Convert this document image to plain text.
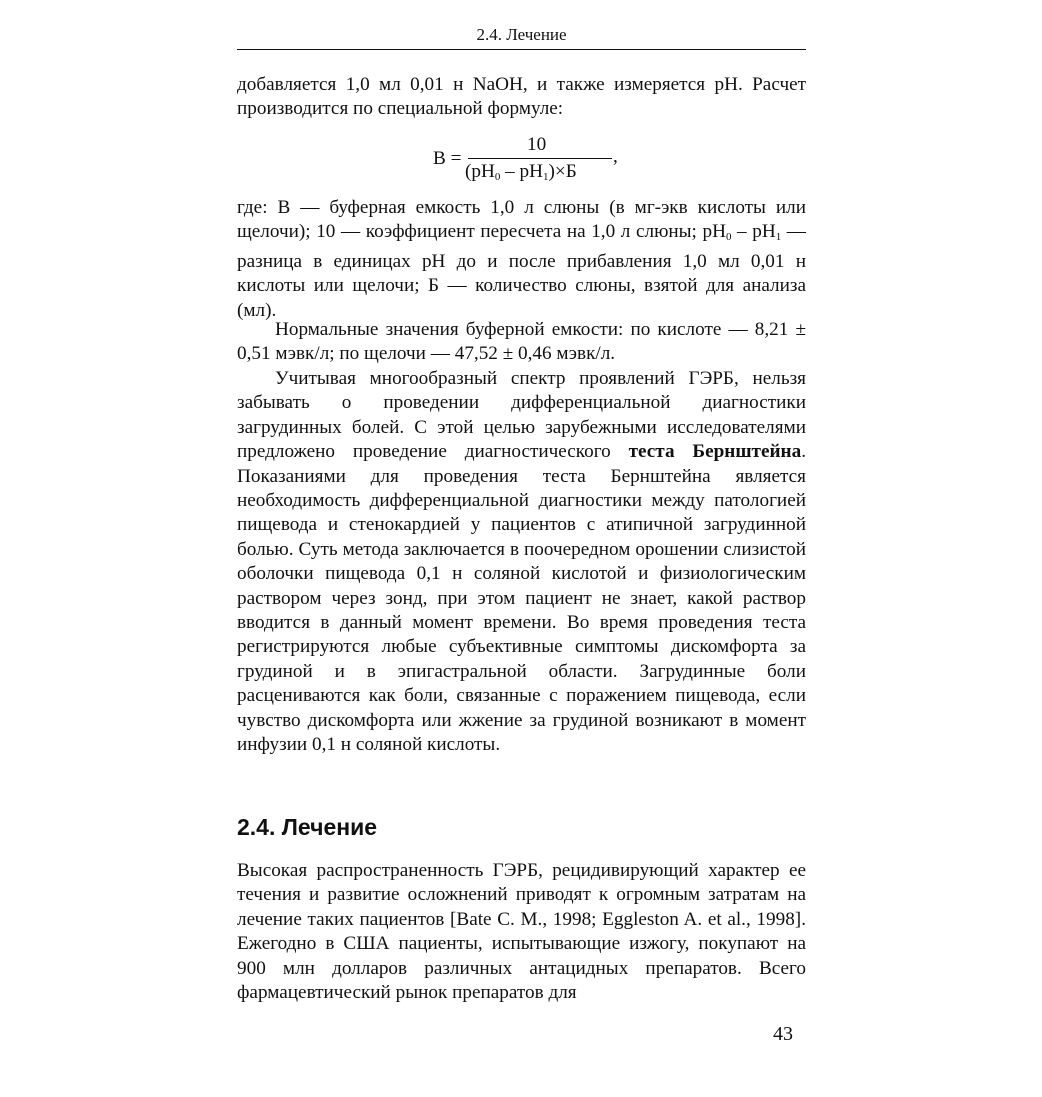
2.4. Лечение

добавляется 1,0 мл 0,01 н NaOH, и также измеряется pH. Расчет производится по специальной формуле:

B =
10
$(pH_0 - pH_1)\times Б$
,

где: В — буферная емкость 1,0 л слюны (в мг-экв кислоты или щелочи); 10 — коэффициент пересчета на 1,0 л слюны; $pH_0 - pH_1$ — разница в единицах pH до и после прибавления 1,0 мл 0,01 н кислоты или щелочи; Б — количество слюны, взятой для анализа (мл).

Нормальные значения буферной емкости: по кислоте — 8,21 ± 0,51 мэвк/л; по щелочи — 47,52 ± 0,46 мэвк/л.

Учитывая многообразный спектр проявлений ГЭРБ, нельзя забывать о проведении дифференциальной диагностики загрудинных болей. С этой целью зарубежными исследователями предложено проведение диагностического теста Бернштейна. Показаниями для проведения теста Бернштейна является необходимость дифференциальной диагностики между патологией пищевода и стенокардией у пациентов с атипичной загрудинной болью. Суть метода заключается в поочередном орошении слизистой оболочки пищевода 0,1 н соляной кислотой и физиологическим раствором через зонд, при этом пациент не знает, какой раствор вводится в данный момент времени. Во время проведения теста регистрируются любые субъективные симптомы дискомфорта за грудиной и в эпигастральной области. Загрудинные боли расцениваются как боли, связанные с поражением пищевода, если чувство дискомфорта или жжение за грудиной возникают в момент инфузии 0,1 н соляной кислоты.

2.4. Лечение

Высокая распространенность ГЭРБ, рецидивирующий характер ее течения и развитие осложнений приводят к огромным затратам на лечение таких пациентов [Bate C. M., 1998; Eggleston A. et al., 1998]. Ежегодно в США пациенты, испытывающие изжогу, покупают на 900 млн долларов различных антацидных препаратов. Всего фармацевтический рынок препаратов для

43
